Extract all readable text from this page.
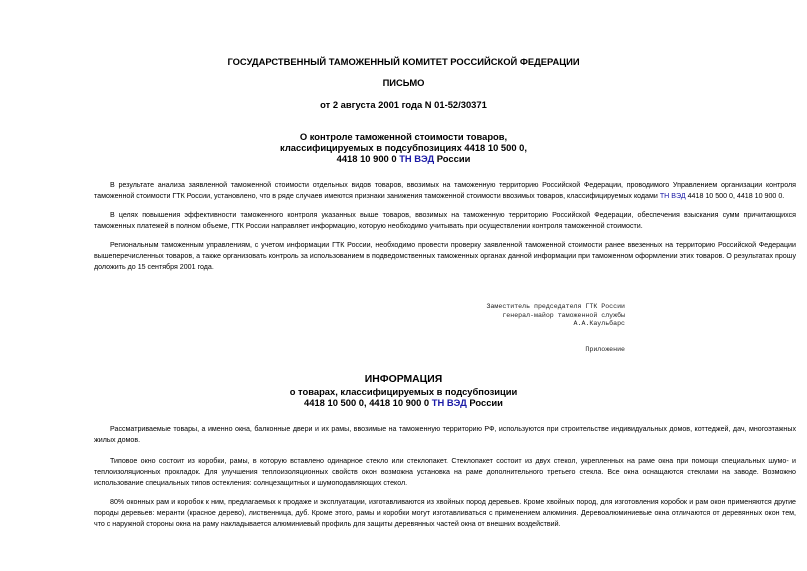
ГОСУДАРСТВЕННЫЙ ТАМОЖЕННЫЙ КОМИТЕТ РОССИЙСКОЙ ФЕДЕРАЦИИ
ПИСЬМО
от 2 августа 2001 года N 01-52/30371
О контроле таможенной стоимости товаров,
классифицируемых в подсубпозициях 4418 10 500 0,
4418 10 900 0 ТН ВЭД России
В результате анализа заявленной таможенной стоимости отдельных видов товаров, ввозимых на таможенную территорию Российской Федерации, проводимого Управлением организации контроля таможенной стоимости ГТК России, установлено, что в ряде случаев имеются признаки занижения таможенной стоимости ввозимых товаров, классифицируемых кодами ТН ВЭД 4418 10 500 0, 4418 10 900 0.
В целях повышения эффективности таможенного контроля указанных выше товаров, ввозимых на таможенную территорию Российской Федерации, обеспечения взыскания сумм причитающихся таможенных платежей в полном объеме, ГТК России направляет информацию, которую необходимо учитывать при осуществлении контроля таможенной стоимости.
Региональным таможенным управлениям, с учетом информации ГТК России, необходимо провести проверку заявленной таможенной стоимости ранее ввезенных на территорию Российской Федерации вышеперечисленных товаров, а также организовать контроль за использованием в подведомственных таможенных органах данной информации при таможенном оформлении этих товаров. О результатах прошу доложить до 15 сентября 2001 года.
Заместитель председателя ГТК России
генерал-майор таможенной службы
А.А.Каульбарс
Приложение
ИНФОРМАЦИЯ
о товарах, классифицируемых в подсубпозиции
4418 10 500 0, 4418 10 900 0 ТН ВЭД России
Рассматриваемые товары, а именно окна, балконные двери и их рамы, ввозимые на таможенную территорию РФ, используются при строительстве индивидуальных домов, коттеджей, дач, многоэтажных жилых домов.
Типовое окно состоит из коробки, рамы, в которую вставлено одинарное стекло или стеклопакет. Стеклопакет состоит из двух стекол, укрепленных на раме окна при помощи специальных шумо- и теплоизоляционных прокладок. Для улучшения теплоизоляционных свойств окон возможна установка на раме дополнительного третьего стекла. Все окна оснащаются стеклами на заводе. Возможно использование специальных типов остекления: солнцезащитных и шумоподавляющих стекол.
80% оконных рам и коробок к ним, предлагаемых к продаже и эксплуатации, изготавливаются из хвойных пород деревьев. Кроме хвойных пород, для изготовления коробок и рам окон применяются другие породы деревьев: меранти (красное дерево), лиственница, дуб. Кроме этого, рамы и коробки могут изготавливаться с применением алюминия. Деревоалюминиевые окна отличаются от деревянных окон тем, что с наружной стороны окна на раму накладывается алюминиевый профиль для защиты деревянных частей окна от внешних воздействий.
